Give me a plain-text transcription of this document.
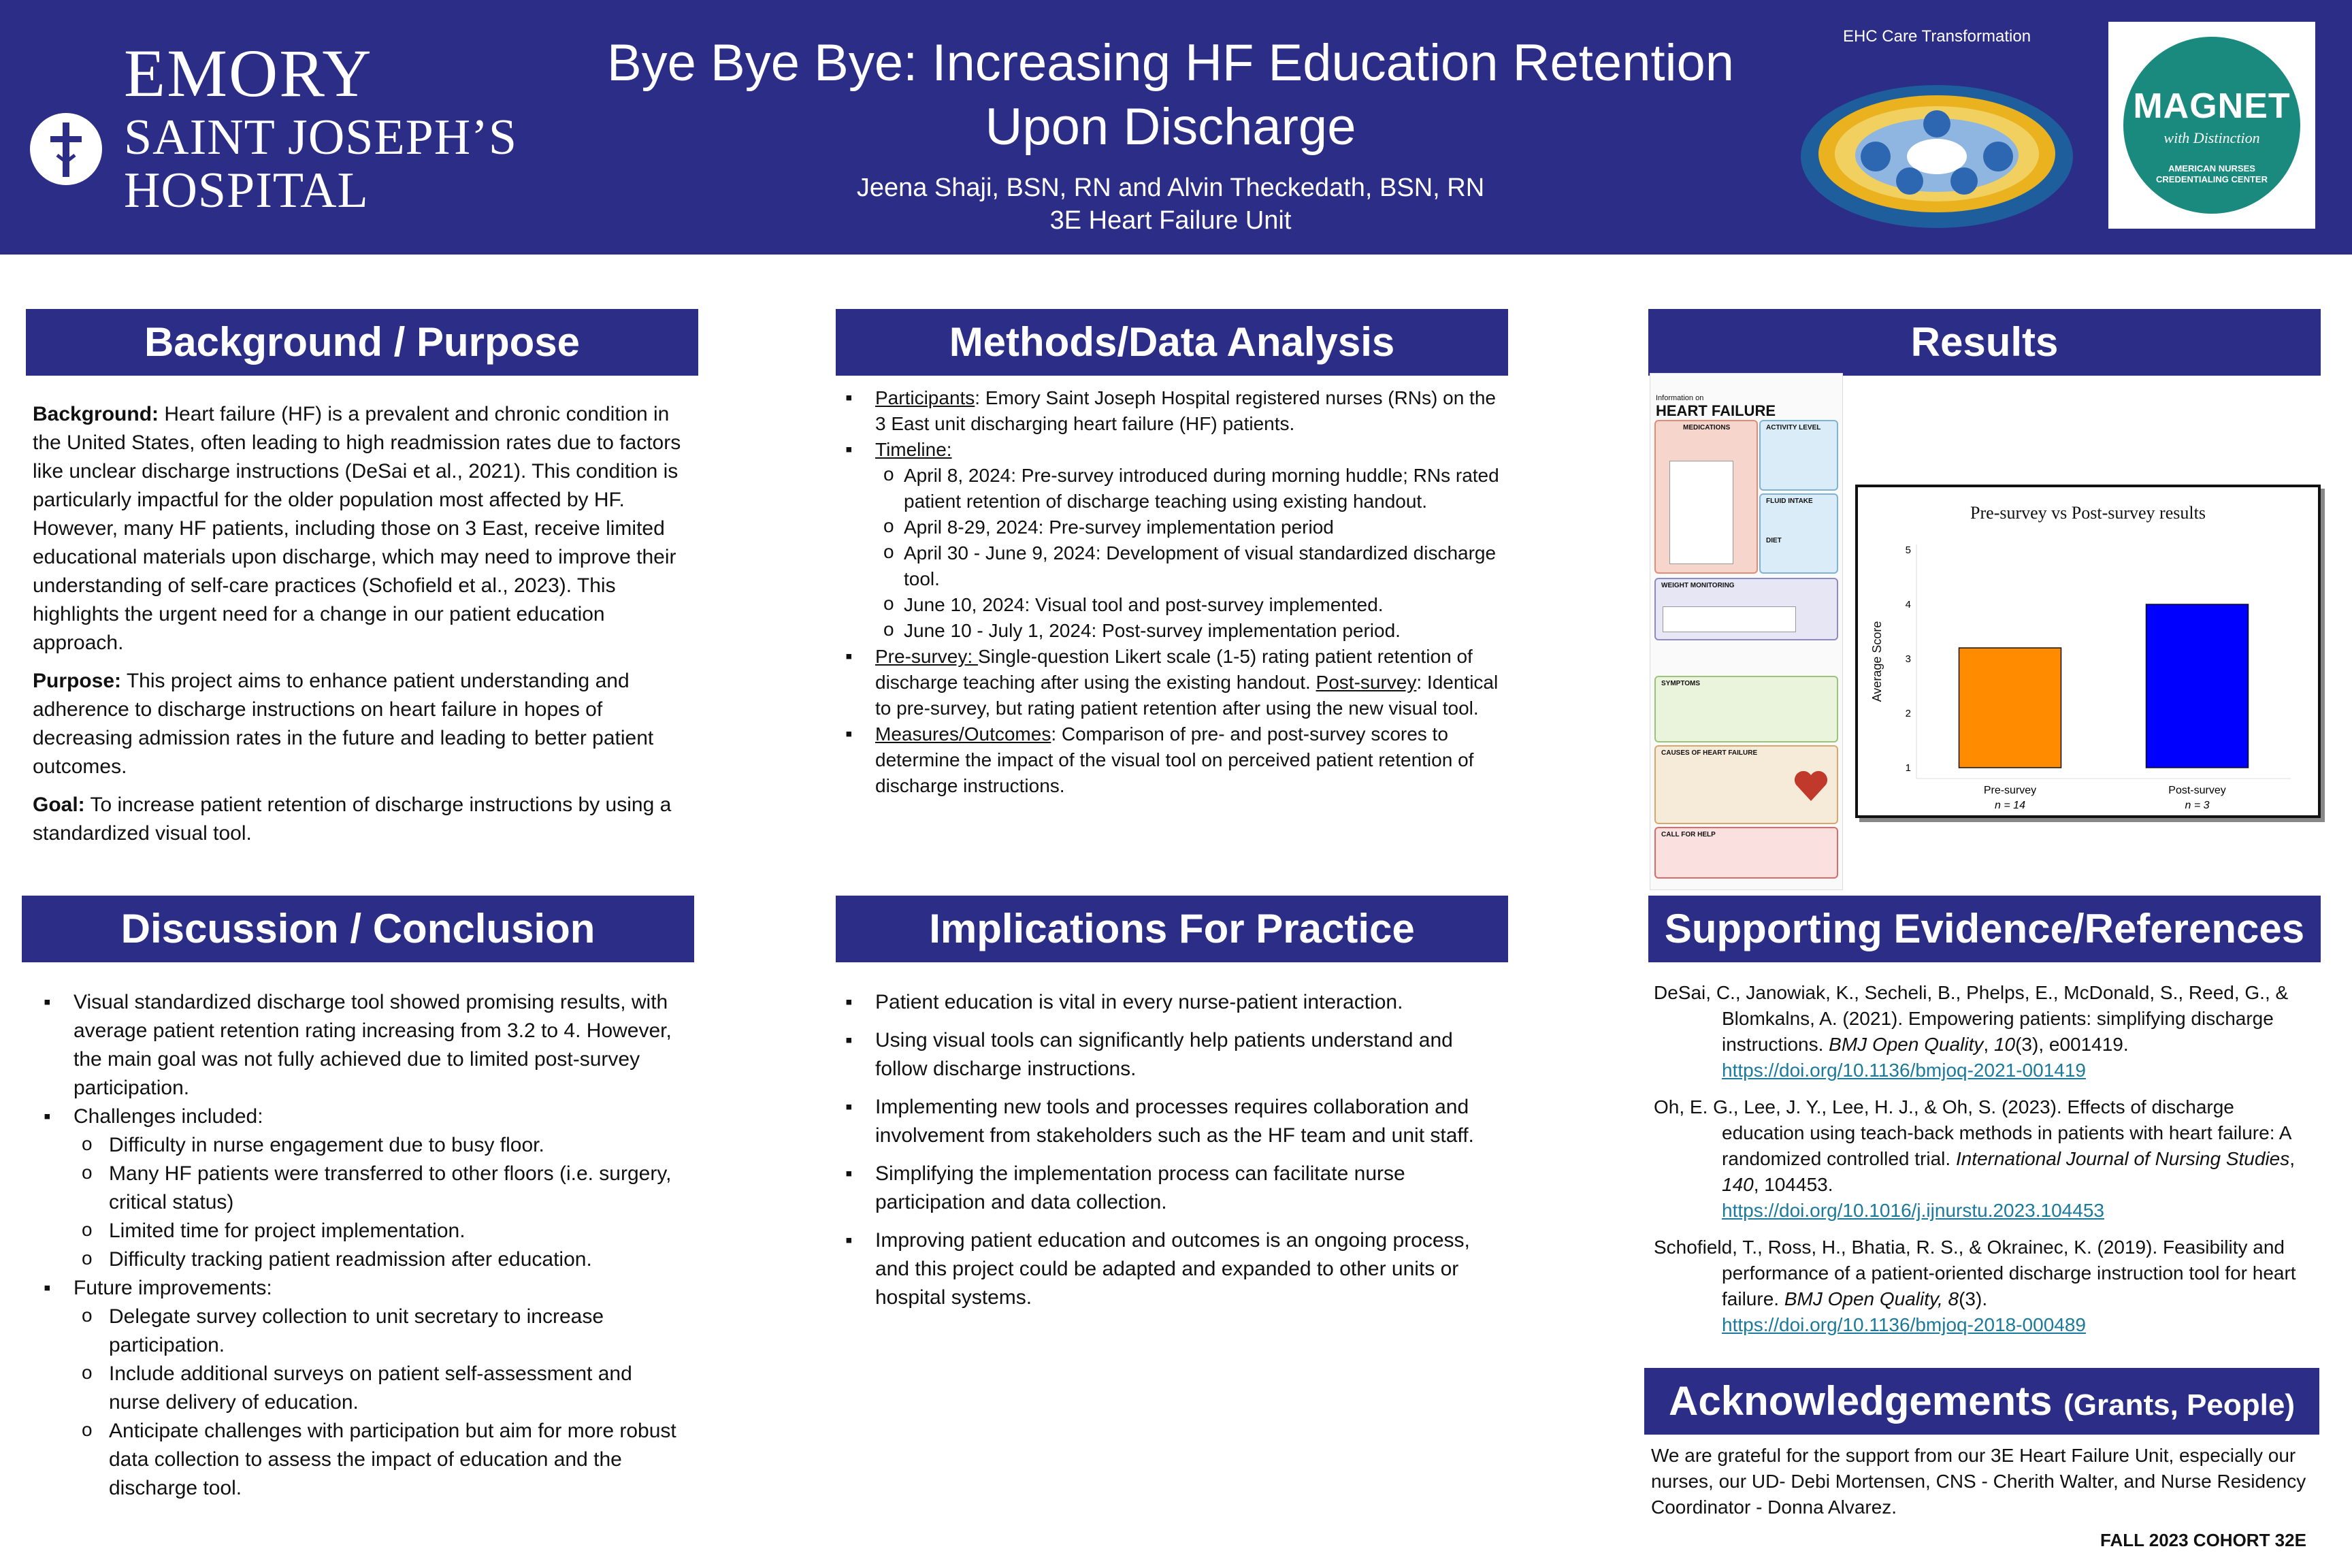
EMORY
SAINT JOSEPH’S
HOSPITAL
Bye Bye Bye: Increasing HF Education Retention
Upon Discharge
Jeena Shaji, BSN, RN and Alvin Theckedath, BSN, RN
3E Heart Failure Unit
EHC Care Transformation
MAGNET
with Distinction
AMERICAN NURSES CREDENTIALING CENTER
Background / Purpose

Background: Heart failure (HF) is a prevalent and chronic condition in the United States, often leading to high readmission rates due to factors like unclear discharge instructions (DeSai et al., 2021). This condition is particularly impactful for the older population most affected by HF. However, many HF patients, including those on 3 East, receive limited educational materials upon discharge, which may need to improve their understanding of self-care practices (Schofield et al., 2023). This highlights the urgent need for a change in our patient education approach.

Purpose: This project aims to enhance patient understanding and adherence to discharge instructions on heart failure in hopes of decreasing admission rates in the future and leading to better patient outcomes.

Goal: To increase patient retention of discharge instructions by using a standardized visual tool.

Methods/Data Analysis
▪ Participants: Emory Saint Joseph Hospital registered nurses (RNs) on the 3 East unit discharging heart failure (HF) patients.
▪ Timeline:
o April 8, 2024: Pre-survey introduced during morning huddle; RNs rated patient retention of discharge teaching using existing handout.
o April 8-29, 2024: Pre-survey implementation period
o April 30 - June 9, 2024: Development of visual standardized discharge tool.
o June 10, 2024: Visual tool and post-survey implemented.
o June 10 - July 1, 2024: Post-survey implementation period.
▪ Pre-survey: Single-question Likert scale (1-5) rating patient retention of discharge teaching after using the existing handout. Post-survey: Identical to pre-survey, but rating patient retention after using the new visual tool.
▪ Measures/Outcomes: Comparison of pre- and post-survey scores to determine the impact of the visual tool on perceived patient retention of discharge instructions.
Results
Information on
HEART FAILURE
MEDICATIONS	ACTIVITY LEVEL
FLUID INTAKE
DIET
WEIGHT MONITORING
SYMPTOMS
CAUSES OF HEART FAILURE
CALL FOR HELP
Pre-survey vs Post-survey results
Average Score
1
2
3
4
5
Pre-survey
n = 14
Post-survey
n = 3
Discussion / Conclusion
▪ Visual standardized discharge tool showed promising results, with average patient retention rating increasing from 3.2 to 4. However, the main goal was not fully achieved due to limited post-survey participation.
▪ Challenges included:
o Difficulty in nurse engagement due to busy floor.
o Many HF patients were transferred to other floors (i.e. surgery, critical status)
o Limited time for project implementation.
o Difficulty tracking patient readmission after education.
▪ Future improvements:
o Delegate survey collection to unit secretary to increase participation.
o Include additional surveys on patient self-assessment and nurse delivery of education.
o Anticipate challenges with participation but aim for more robust data collection to assess the impact of education and the discharge tool.
Implications For Practice
▪ Patient education is vital in every nurse-patient interaction.
▪ Using visual tools can significantly help patients understand and follow discharge instructions.
▪ Implementing new tools and processes requires collaboration and involvement from stakeholders such as the HF team and unit staff.
▪ Simplifying the implementation process can facilitate nurse participation and data collection.
▪ Improving patient education and outcomes is an ongoing process, and this project could be adapted and expanded to other units or hospital systems.
Supporting Evidence/References
DeSai, C., Janowiak, K., Secheli, B., Phelps, E., McDonald, S., Reed, G., & Blomkalns, A. (2021). Empowering patients: simplifying discharge instructions. BMJ Open Quality, 10(3), e001419.
https://doi.org/10.1136/bmjoq-2021-001419
Oh, E. G., Lee, J. Y., Lee, H. J., & Oh, S. (2023). Effects of discharge education using teach-back methods in patients with heart failure: A randomized controlled trial. International Journal of Nursing Studies, 140, 104453.
https://doi.org/10.1016/j.ijnurstu.2023.104453
Schofield, T., Ross, H., Bhatia, R. S., & Okrainec, K. (2019). Feasibility and performance of a patient-oriented discharge instruction tool for heart failure. BMJ Open Quality, 8(3).
https://doi.org/10.1136/bmjoq-2018-000489
Acknowledgements (Grants, People)
We are grateful for the support from our 3E Heart Failure Unit, especially our nurses, our UD- Debi Mortensen, CNS - Cherith Walter, and Nurse Residency Coordinator - Donna Alvarez.
FALL 2023 COHORT 32E
